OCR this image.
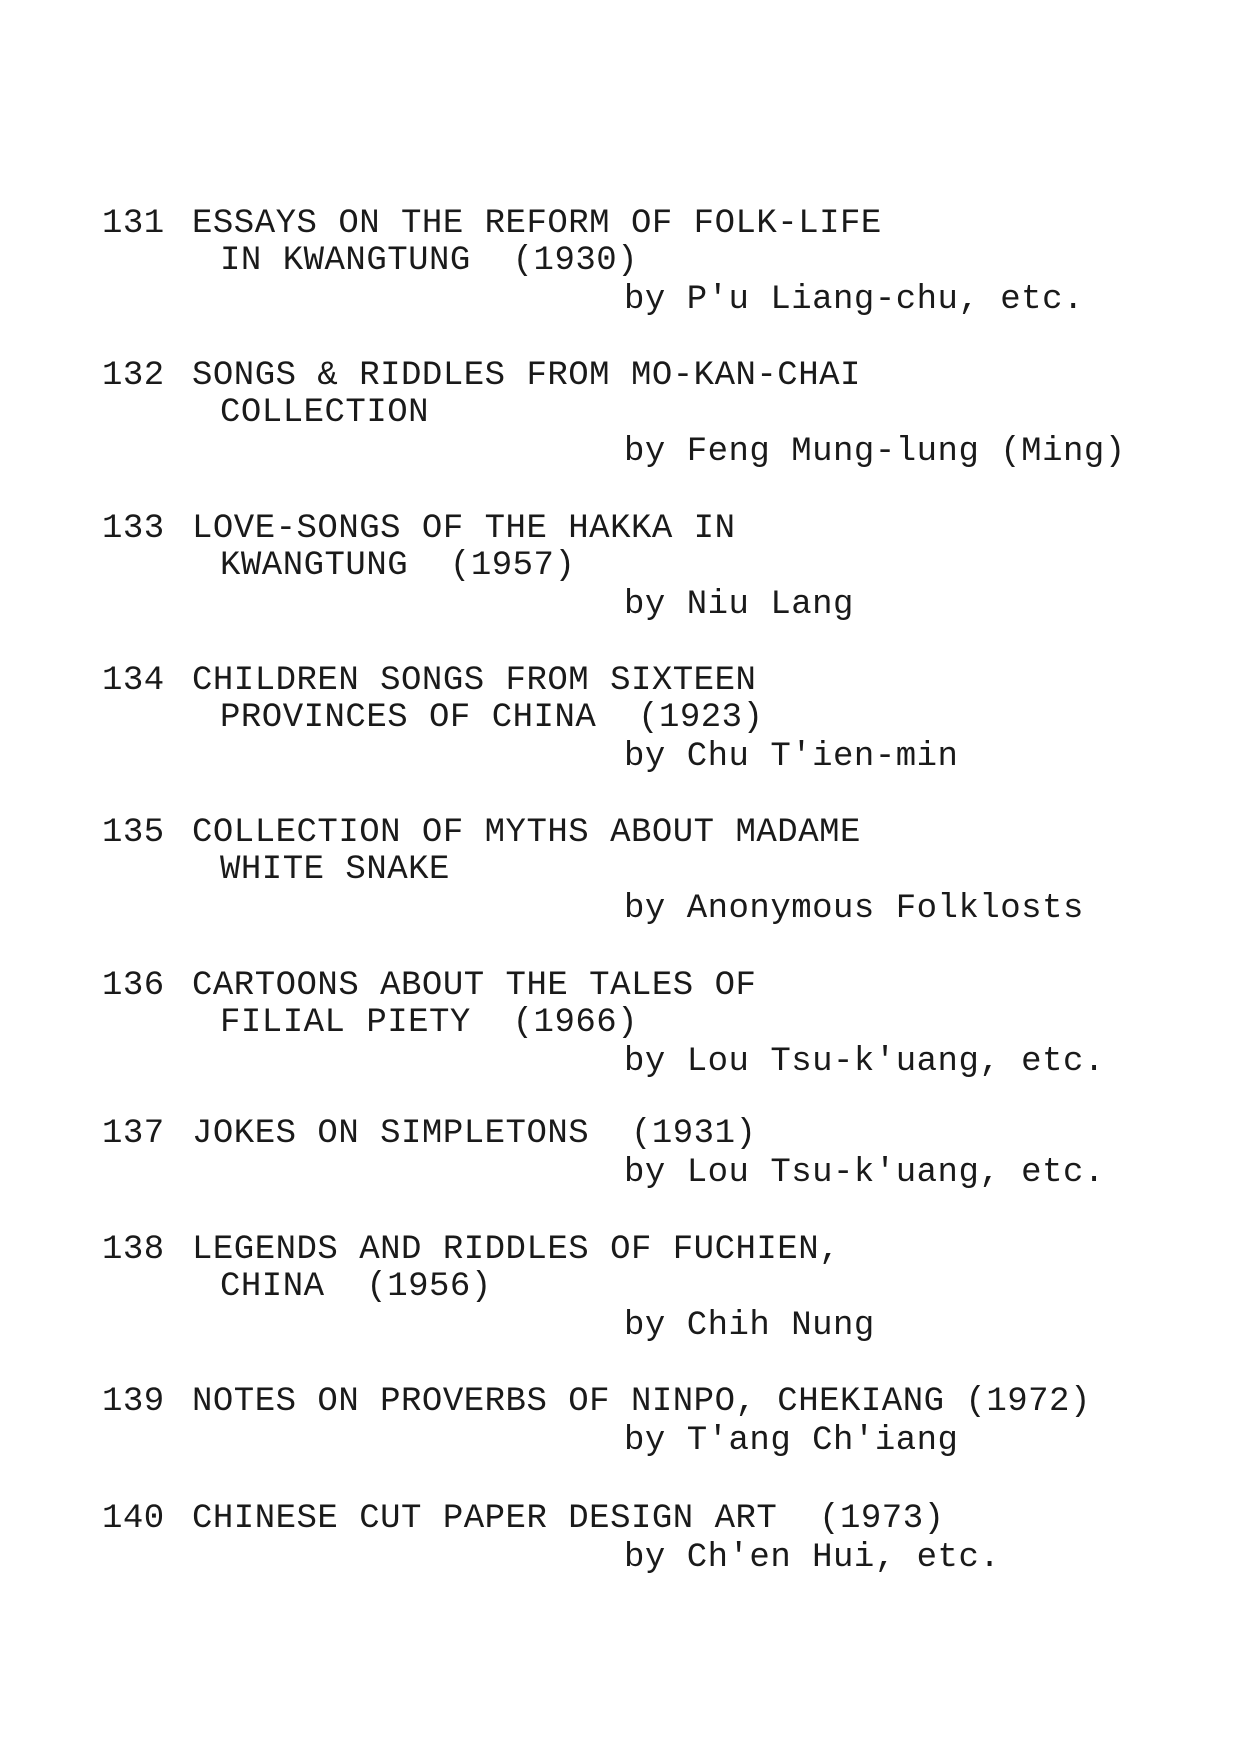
131 ESSAYS ON THE REFORM OF FOLK-LIFE
IN KWANGTUNG  (1930)
by P'u Liang-chu, etc.
132 SONGS & RIDDLES FROM MO-KAN-CHAI
COLLECTION
by Feng Mung-lung (Ming)
133 LOVE-SONGS OF THE HAKKA IN
KWANGTUNG  (1957)
by Niu Lang
134 CHILDREN SONGS FROM SIXTEEN
PROVINCES OF CHINA  (1923)
by Chu T'ien-min
135 COLLECTION OF MYTHS ABOUT MADAME
WHITE SNAKE
by Anonymous Folklosts
136 CARTOONS ABOUT THE TALES OF
FILIAL PIETY  (1966)
by Lou Tsu-k'uang, etc.
137 JOKES ON SIMPLETONS  (1931)
by Lou Tsu-k'uang, etc.
138 LEGENDS AND RIDDLES OF FUCHIEN,
CHINA  (1956)
by Chih Nung
139 NOTES ON PROVERBS OF NINPO, CHEKIANG (1972)
by T'ang Ch'iang
140 CHINESE CUT PAPER DESIGN ART  (1973)
by Ch'en Hui, etc.
